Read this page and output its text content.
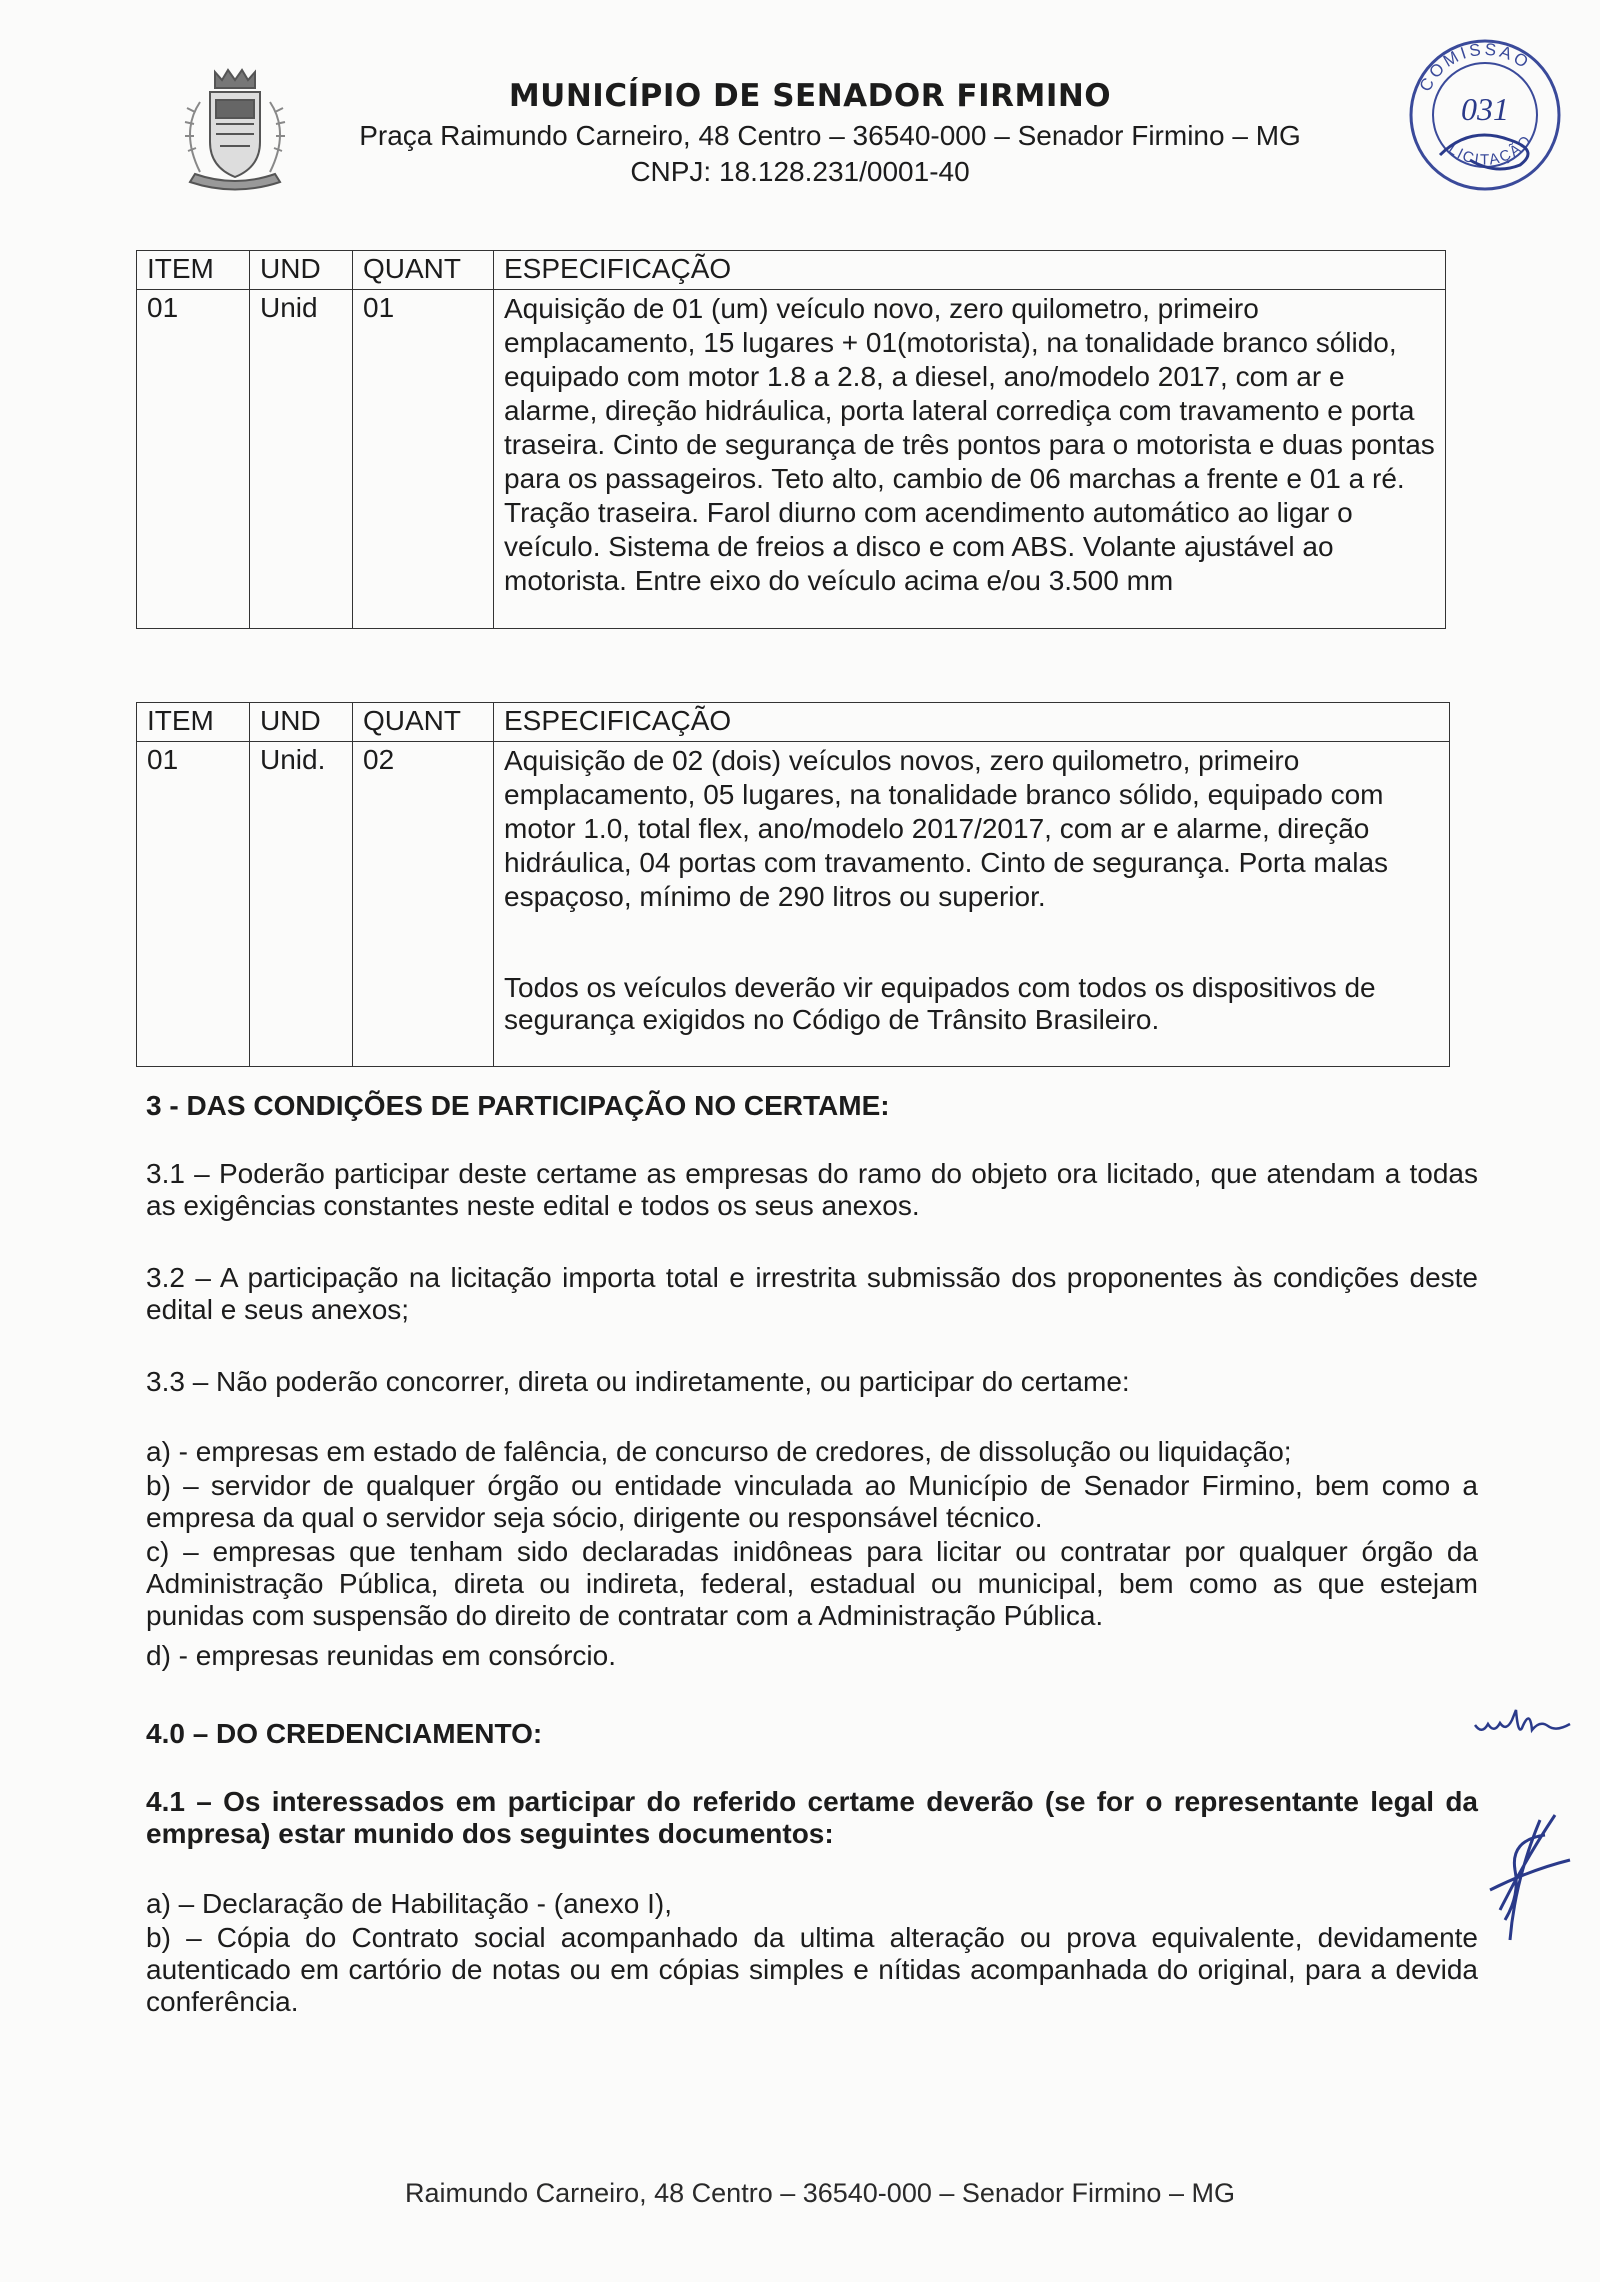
MUNICÍPIO DE SENADOR FIRMINO
Praça Raimundo Carneiro, 48 Centro – 36540-000 – Senador Firmino – MG
CNPJ: 18.128.231/0001-40
COMISSÃO
LICITAÇÃO
031
ITEM	UND	QUANT	ESPECIFICAÇÃO
01	Unid	01	Aquisição de 01 (um) veículo novo, zero quilometro, primeiro emplacamento, 15 lugares + 01(motorista), na tonalidade branco sólido, equipado com motor 1.8 a 2.8, a diesel, ano/modelo 2017, com ar e alarme, direção hidráulica, porta lateral corrediça com travamento e porta traseira. Cinto de segurança de três pontos para o motorista e duas pontas para os passageiros. Teto alto, cambio de 06 marchas a frente e 01 a ré. Tração traseira. Farol diurno com acendimento automático ao ligar o veículo. Sistema de freios a disco e com ABS. Volante ajustável ao motorista. Entre eixo do veículo acima e/ou 3.500 mm
ITEM	UND	QUANT	ESPECIFICAÇÃO
01	Unid.	02	Aquisição de 02 (dois) veículos novos, zero quilometro, primeiro emplacamento, 05 lugares, na tonalidade branco sólido, equipado com motor 1.0, total flex, ano/modelo 2017/2017, com ar e alarme, direção hidráulica, 04 portas com travamento. Cinto de segurança. Porta malas espaçoso, mínimo de 290 litros ou superior.
Todos os veículos deverão vir equipados com todos os dispositivos de segurança exigidos no Código de Trânsito Brasileiro.
3 - DAS CONDIÇÕES DE PARTICIPAÇÃO NO CERTAME:
3.1 – Poderão participar deste certame as empresas do ramo do objeto ora licitado, que atendam a todas as exigências constantes neste edital e todos os seus anexos.
3.2 – A participação na licitação importa total e irrestrita submissão dos proponentes às condições deste edital e seus anexos;
3.3 – Não poderão concorrer, direta ou indiretamente, ou participar do certame:
a) - empresas em estado de falência, de concurso de credores, de dissolução ou liquidação;
b) – servidor de qualquer órgão ou entidade vinculada ao Município de Senador Firmino, bem como a empresa da qual o servidor seja sócio, dirigente ou responsável técnico.
c) – empresas que tenham sido declaradas inidôneas para licitar ou contratar por qualquer órgão da Administração Pública, direta ou indireta, federal, estadual ou municipal, bem como as que estejam punidas com suspensão do direito de contratar com a Administração Pública.
d) - empresas reunidas em consórcio.
4.0 – DO CREDENCIAMENTO:
4.1 – Os interessados em participar do referido certame deverão (se for o representante legal da empresa) estar munido dos seguintes documentos:
a) – Declaração de Habilitação - (anexo I),
b) – Cópia do Contrato social acompanhado da ultima alteração ou prova equivalente, devidamente autenticado em cartório de notas ou em cópias simples e nítidas acompanhada do original, para a devida conferência.
Raimundo Carneiro, 48 Centro – 36540-000 – Senador Firmino – MG
